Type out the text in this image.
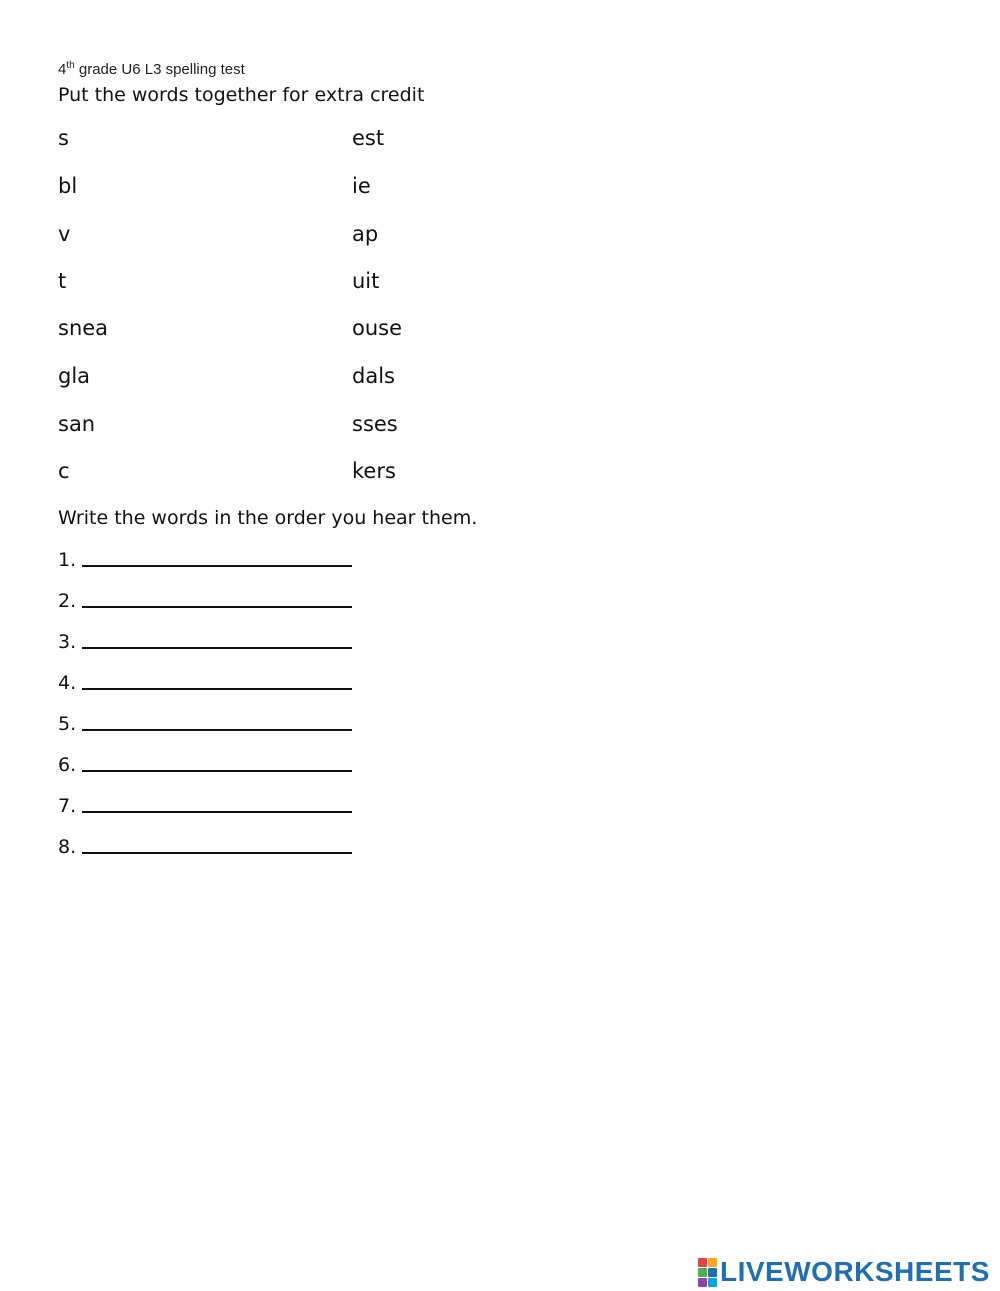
4th grade U6 L3 spelling test
Put the words together for extra credit
s	est
bl	ie
v	ap
t	uit
snea	ouse
gla	dals
san	sses
c	kers
Write the words in the order you hear them.
1.
2.
3.
4.
5.
6.
7.
8.
LIVEWORKSHEETS
